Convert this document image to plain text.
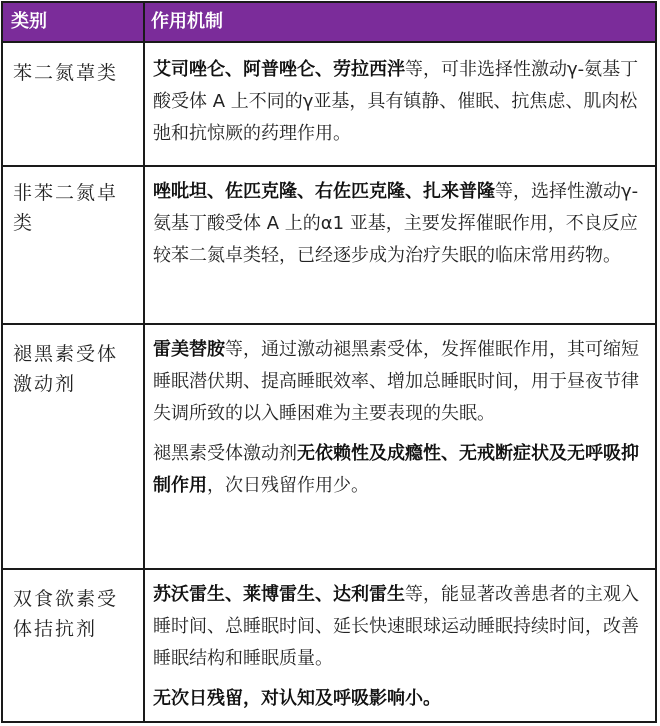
类别	作用机制
苯二氮䓬类	艾司唑仑、阿普唑仑、劳拉西泮等，可非选择性激动γ-氨基丁酸受体 A 上不同的γ亚基，具有镇静、催眠、抗焦虑、肌肉松弛和抗惊厥的药理作用。

非苯二氮卓类

唑吡坦、佐匹克隆、右佐匹克隆、扎来普隆等，选择性激动γ-氨基丁酸受体 A 上的α1 亚基，主要发挥催眠作用，不良反应较苯二氮卓类轻，已经逐步成为治疗失眠的临床常用药物。

褪黑素受体激动剂

雷美替胺等，通过激动褪黑素受体，发挥催眠作用，其可缩短睡眠潜伏期、提高睡眠效率、增加总睡眠时间，用于昼夜节律失调所致的以入睡困难为主要表现的失眠。

褪黑素受体激动剂无依赖性及成瘾性、无戒断症状及无呼吸抑制作用，次日残留作用少。

双食欲素受体拮抗剂

苏沃雷生、莱博雷生、达利雷生等，能显著改善患者的主观入睡时间、总睡眠时间、延长快速眼球运动睡眠持续时间，改善睡眠结构和睡眠质量。

无次日残留，对认知及呼吸影响小。
